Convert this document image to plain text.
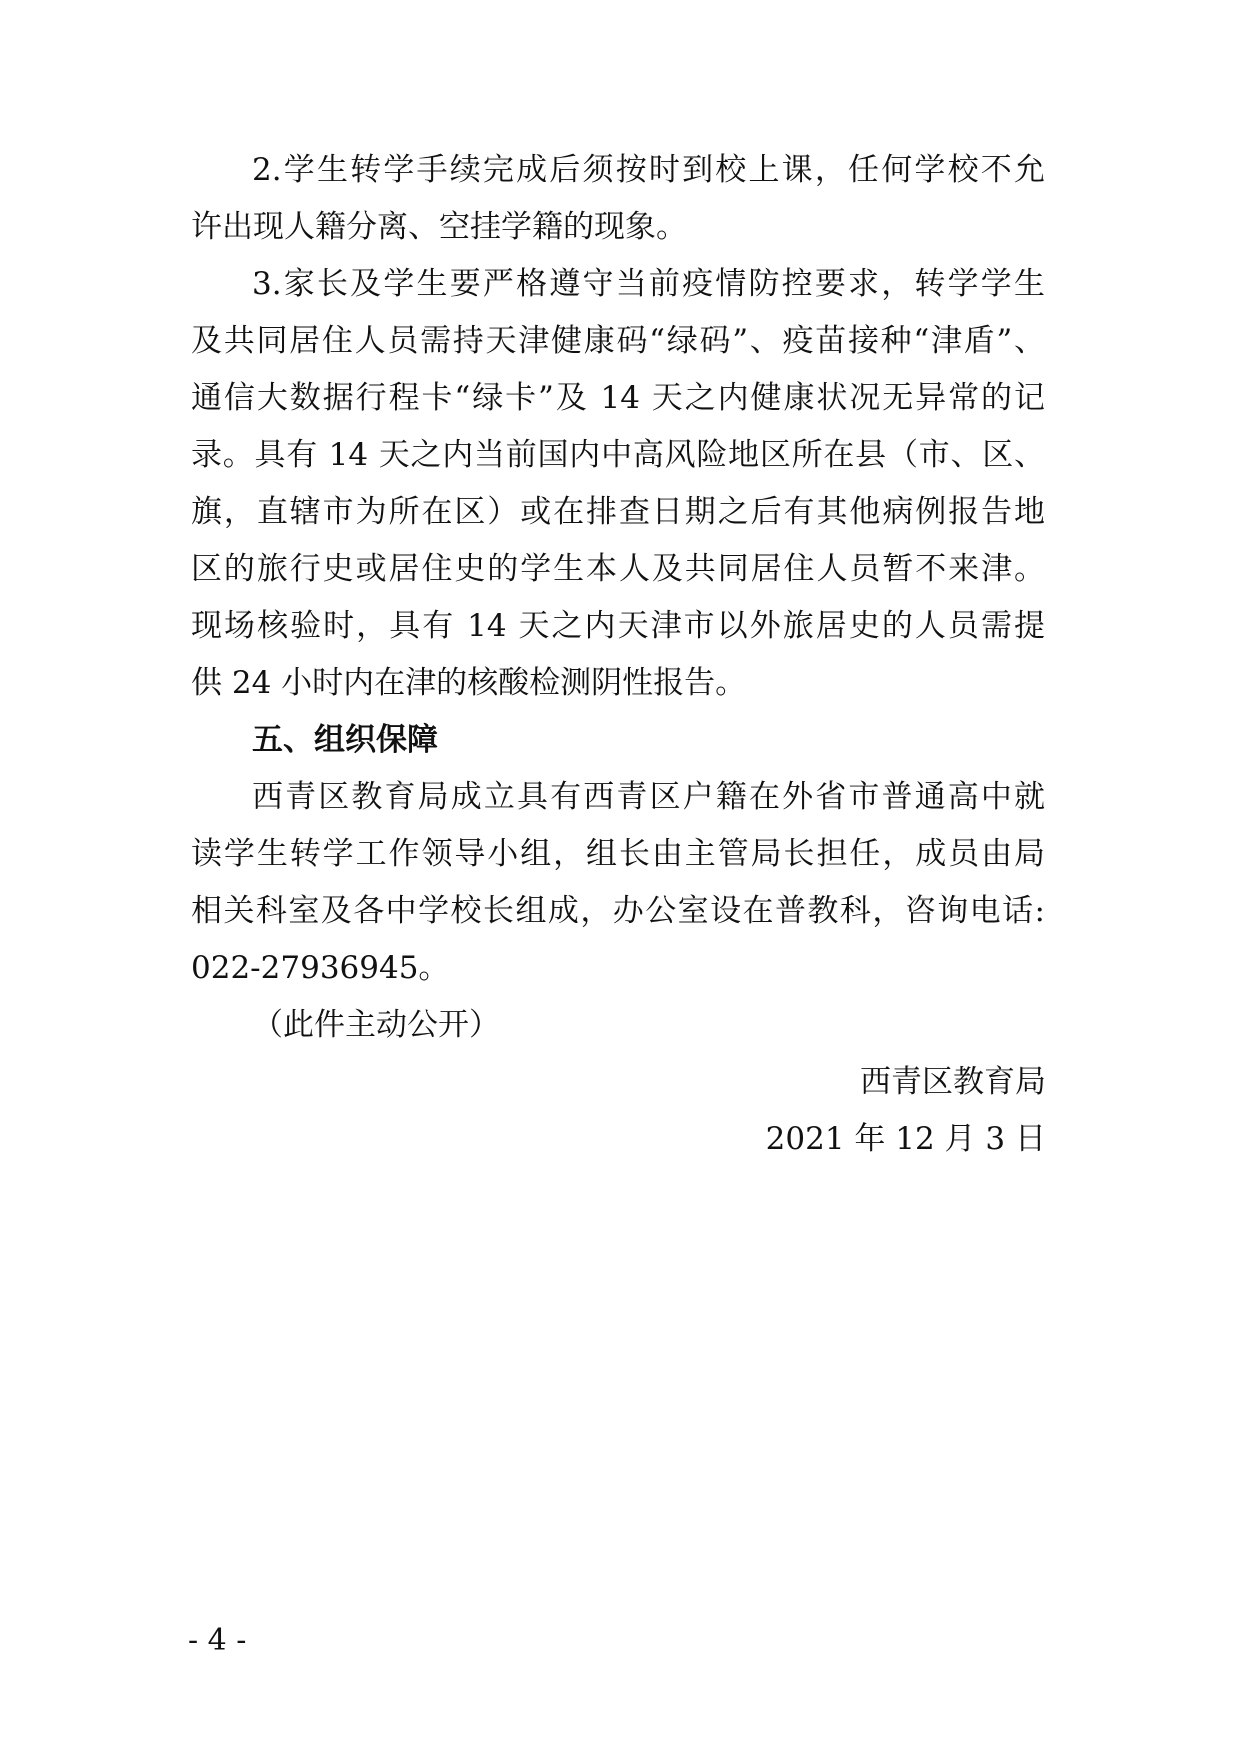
2.学生转学手续完成后须按时到校上课，任何学校不允
许出现人籍分离、空挂学籍的现象。
3.家长及学生要严格遵守当前疫情防控要求，转学学生
及共同居住人员需持天津健康码“绿码”、疫苗接种“津盾”、
通信大数据行程卡“绿卡”及 14 天之内健康状况无异常的记
录。具有 14 天之内当前国内中高风险地区所在县（市、区、
旗，直辖市为所在区）或在排查日期之后有其他病例报告地
区的旅行史或居住史的学生本人及共同居住人员暂不来津。
现场核验时，具有 14 天之内天津市以外旅居史的人员需提
供 24 小时内在津的核酸检测阴性报告。
五、组织保障
西青区教育局成立具有西青区户籍在外省市普通高中就
读学生转学工作领导小组，组长由主管局长担任，成员由局
相关科室及各中学校长组成，办公室设在普教科，咨询电话:
022-27936945。
（此件主动公开）
西青区教育局
2021 年 12 月 3 日
- 4 -
